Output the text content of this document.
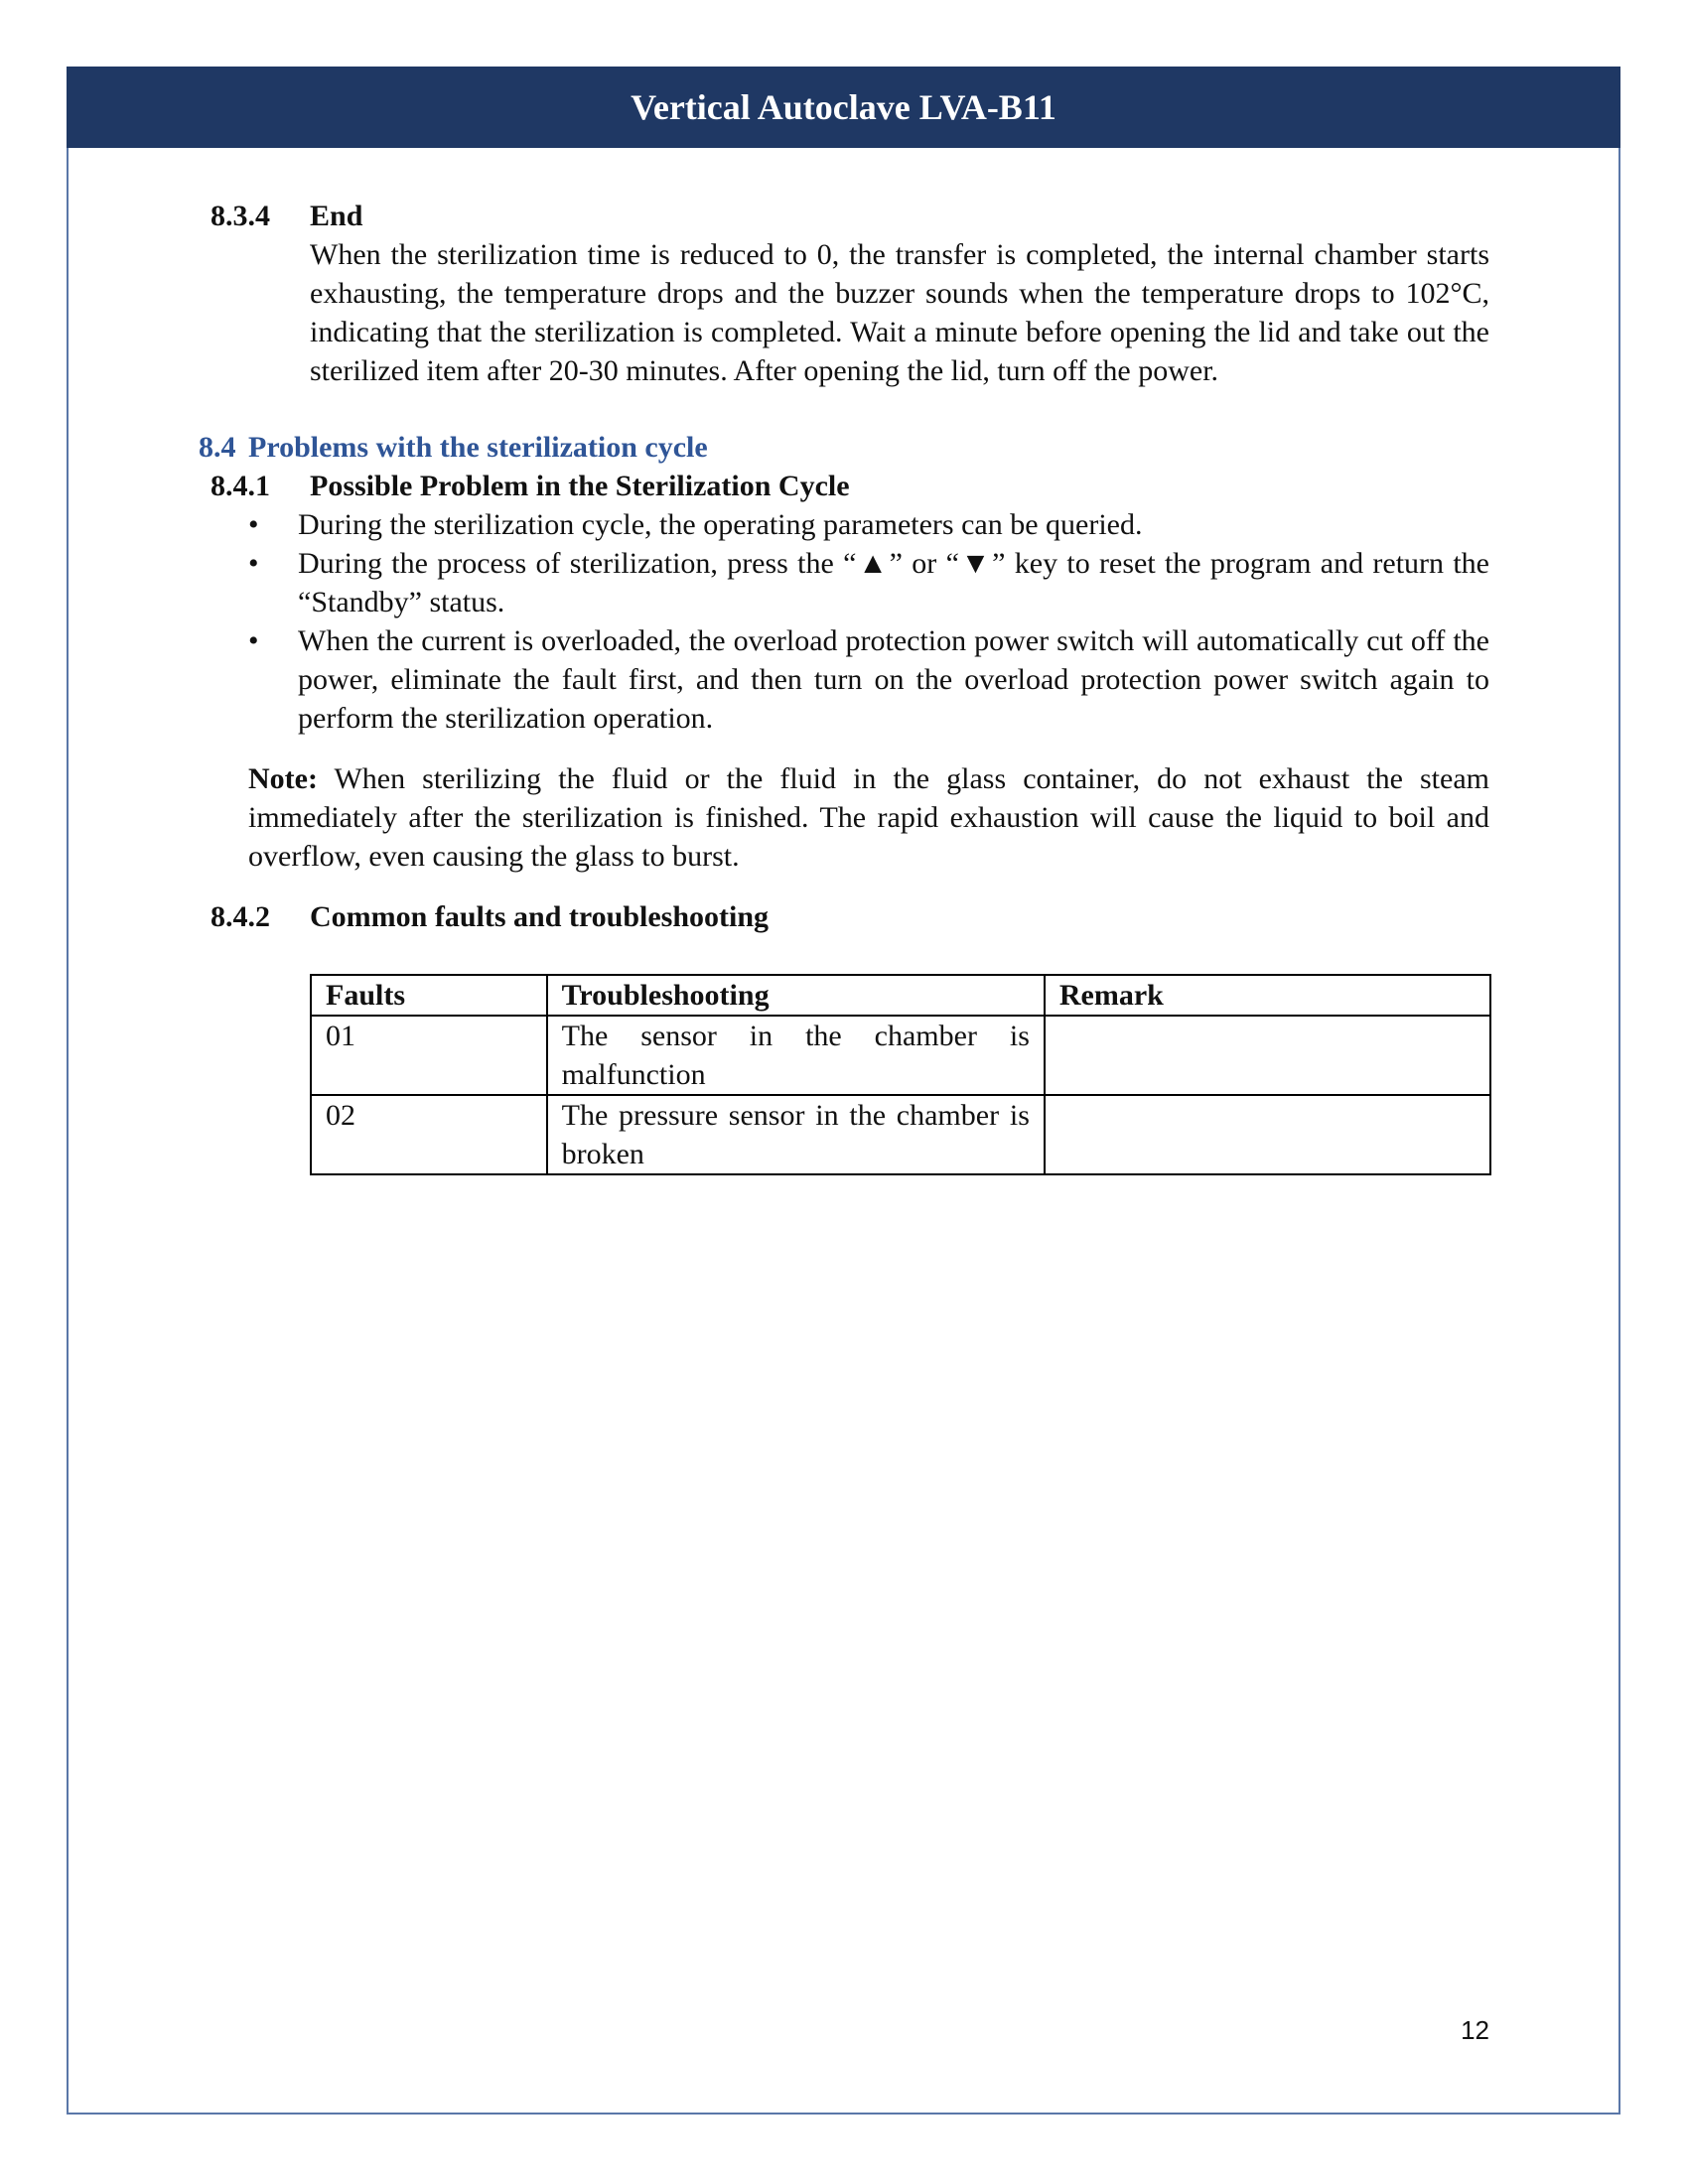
Vertical Autoclave LVA-B11
8.3.4	End
When the sterilization time is reduced to 0, the transfer is completed, the internal chamber starts exhausting, the temperature drops and the buzzer sounds when the temperature drops to 102°C, indicating that the sterilization is completed. Wait a minute before opening the lid and take out the sterilized item after 20-30 minutes. After opening the lid, turn off the power.
8.4 Problems with the sterilization cycle
8.4.1	Possible Problem in the Sterilization Cycle
• During the sterilization cycle, the operating parameters can be queried.
• During the process of sterilization, press the “▲” or “▼” key to reset the program and return the “Standby” status.
• When the current is overloaded, the overload protection power switch will automatically cut off the power, eliminate the fault first, and then turn on the overload protection power switch again to perform the sterilization operation.
Note: When sterilizing the fluid or the fluid in the glass container, do not exhaust the steam immediately after the sterilization is finished. The rapid exhaustion will cause the liquid to boil and overflow, even causing the glass to burst.
8.4.2	Common faults and troubleshooting
Faults	Troubleshooting	Remark
01	The sensor in the chamber is malfunction	
02	The pressure sensor in the chamber is broken	
12
